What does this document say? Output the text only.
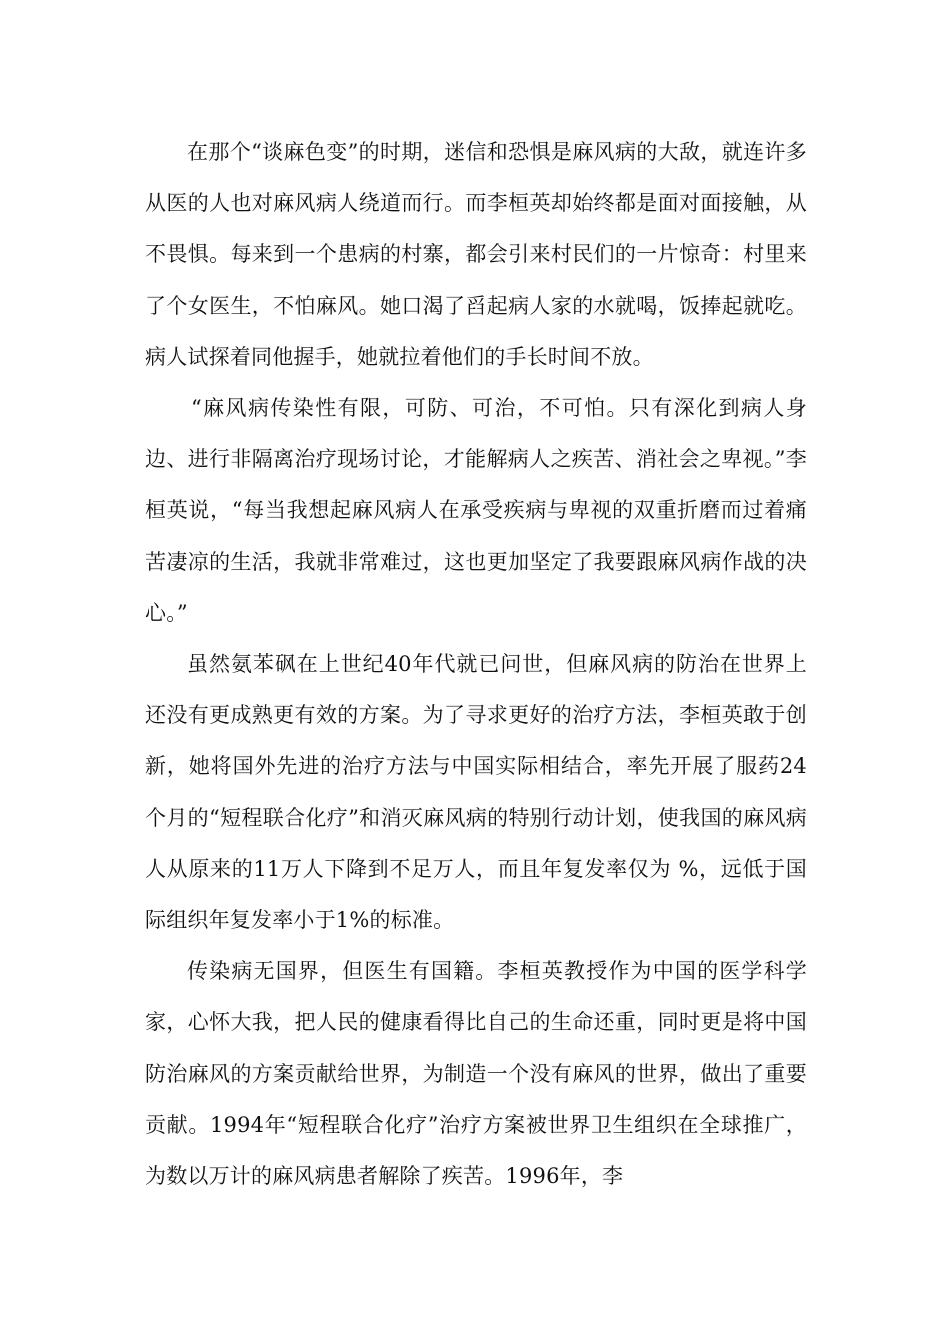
在那个“谈麻色变”的时期，迷信和恐惧是麻风病的大敌，就连许多从医的人也对麻风病人绕道而行。而李桓英却始终都是面对面接触，从不畏惧。每来到一个患病的村寨，都会引来村民们的一片惊奇：村里来了个女医生，不怕麻风。她口渴了舀起病人家的水就喝，饭捧起就吃。病人试探着同他握手，她就拉着他们的手长时间不放。

“麻风病传染性有限，可防、可治，不可怕。只有深化到病人身边、进行非隔离治疗现场讨论，才能解病人之疾苦、消社会之卑视。”李桓英说，“每当我想起麻风病人在承受疾病与卑视的双重折磨而过着痛苦凄凉的生活，我就非常难过，这也更加坚定了我要跟麻风病作战的决心。”

虽然氨苯砜在上世纪40年代就已问世，但麻风病的防治在世界上还没有更成熟更有效的方案。为了寻求更好的治疗方法，李桓英敢于创新，她将国外先进的治疗方法与中国实际相结合，率先开展了服药24个月的“短程联合化疗”和消灭麻风病的特别行动计划，使我国的麻风病人从原来的11万人下降到不足万人，而且年复发率仅为 %，远低于国际组织年复发率小于1%的标准。

传染病无国界，但医生有国籍。李桓英教授作为中国的医学科学家，心怀大我，把人民的健康看得比自己的生命还重，同时更是将中国防治麻风的方案贡献给世界，为制造一个没有麻风的世界，做出了重要贡献。1994年“短程联合化疗”治疗方案被世界卫生组织在全球推广，为数以万计的麻风病患者解除了疾苦。1996年，李
